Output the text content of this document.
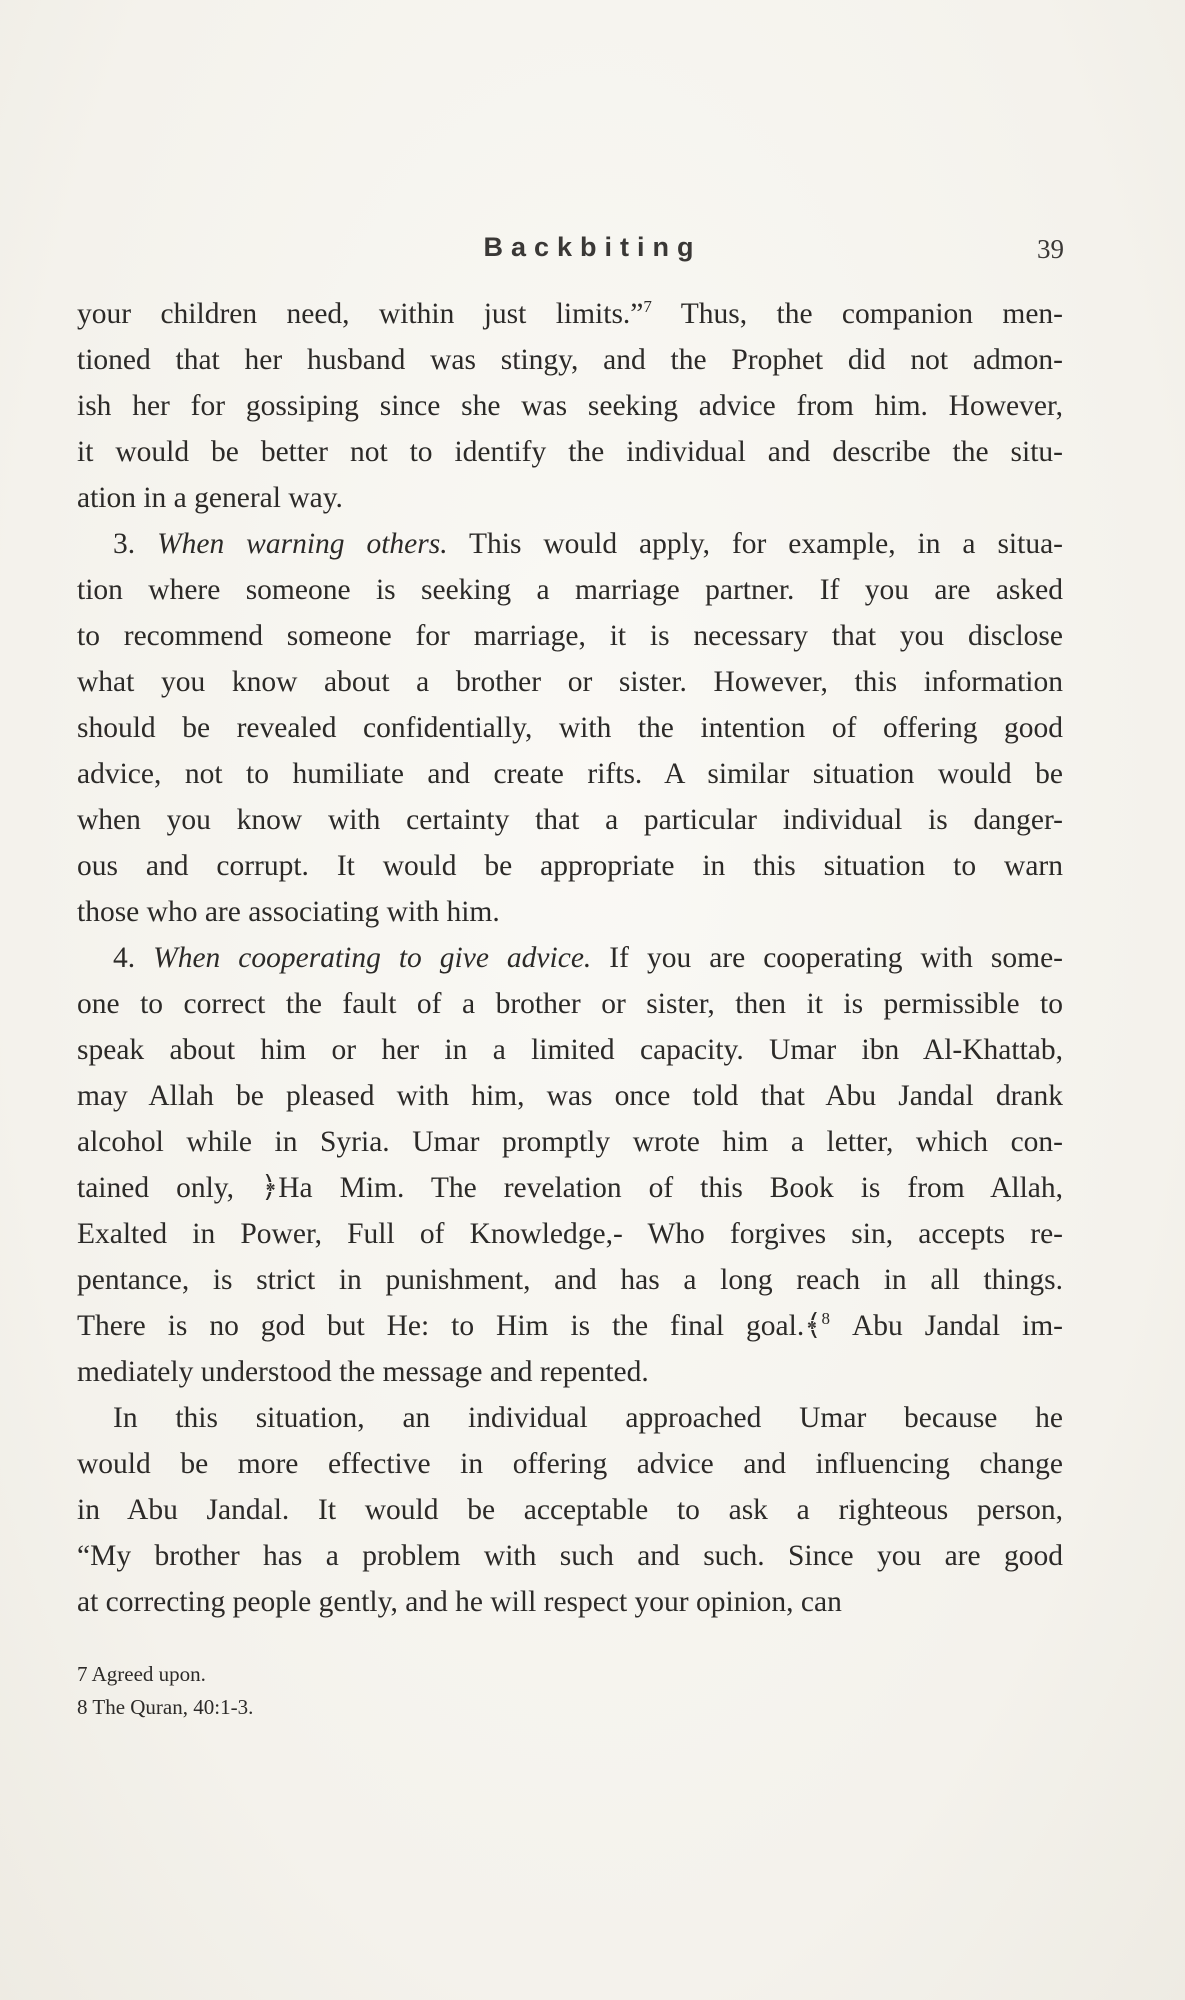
Backbiting	39
your children need, within just limits.”$^7$ Thus, the companion men-
tioned that her husband was stingy, and the Prophet did not admon-
ish her for gossiping since she was seeking advice from him. However,
it would be better not to identify the individual and describe the situ-
ation in a general way.
3. When warning others. This would apply, for example, in a situa-
tion where someone is seeking a marriage partner. If you are asked
to recommend someone for marriage, it is necessary that you disclose
what you know about a brother or sister. However, this information
should be revealed confidentially, with the intention of offering good
advice, not to humiliate and create rifts. A similar situation would be
when you know with certainty that a particular individual is danger-
ous and corrupt. It would be appropriate in this situation to warn
those who are associating with him.
4. When cooperating to give advice. If you are cooperating with some-
one to correct the fault of a brother or sister, then it is permissible to
speak about him or her in a limited capacity. Umar ibn Al-Khattab,
may Allah be pleased with him, was once told that Abu Jandal drank
alcohol while in Syria. Umar promptly wrote him a letter, which con-
tained only, ﴿Ha Mim. The revelation of this Book is from Allah,
Exalted in Power, Full of Knowledge,- Who forgives sin, accepts re-
pentance, is strict in punishment, and has a long reach in all things.
There is no god but He: to Him is the final goal.﴾$^8$ Abu Jandal im-
mediately understood the message and repented.
In this situation, an individual approached Umar because he
would be more effective in offering advice and influencing change
in Abu Jandal. It would be acceptable to ask a righteous person,
“My brother has a problem with such and such. Since you are good
at correcting people gently, and he will respect your opinion, can
7 Agreed upon.
8 The Quran, 40:1-3.
